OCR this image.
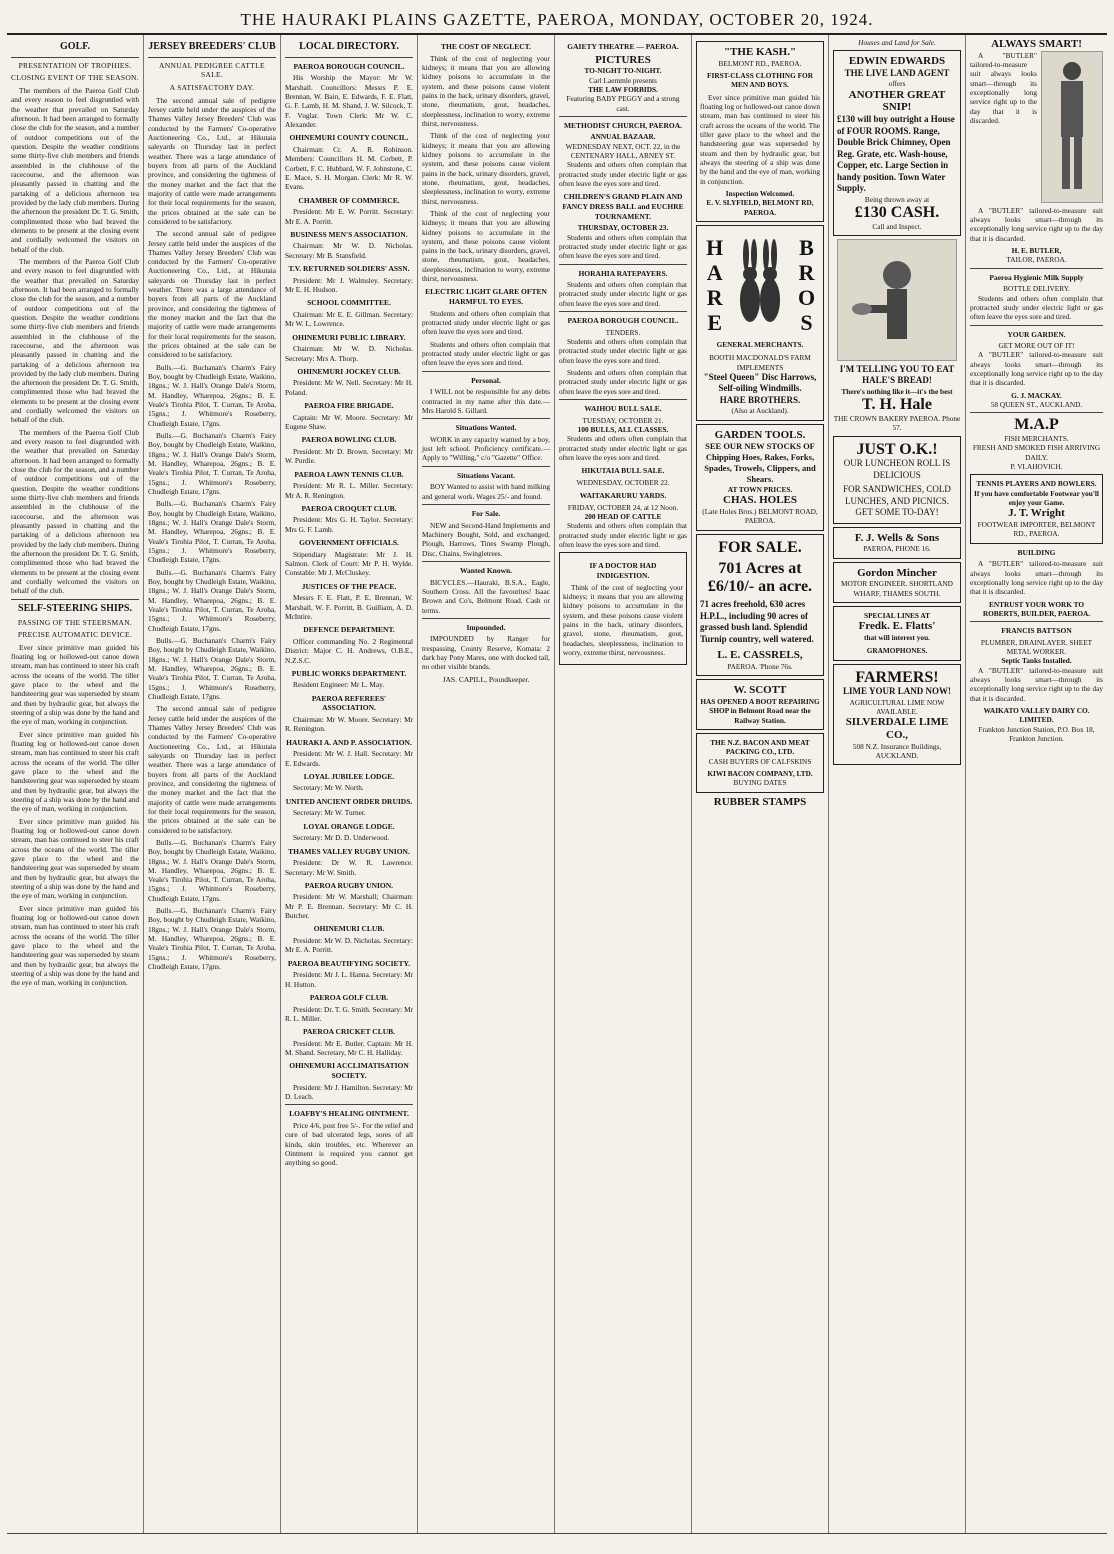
THE HAURAKI PLAINS GAZETTE, PAEROA, MONDAY, OCTOBER 20, 1924.
GOLF.
PRESENTATION OF TROPHIES.
CLOSING EVENT OF THE SEASON.

The members of the Paeroa Golf Club and every reason to feel disgruntled with the weather that prevailed on Saturday afternoon. It had been arranged to formally close the club for the season, and a number of outdoor competitions out of the question. Despite the weather conditions some thirty-five club members and friends assembled in the clubhouse of the racecourse, and the afternoon was pleasantly passed in chatting and the partaking of a delicious afternoon tea provided by the lady club members. During the afternoon the president Dr. T. G. Smith, complimented those who had braved the elements to be present at the closing event and cordially welcomed the visitors on behalf of the club.

The members of the Paeroa Golf Club and every reason to feel disgruntled with the weather that prevailed on Saturday afternoon. It had been arranged to formally close the club for the season, and a number of outdoor competitions out of the question. Despite the weather conditions some thirty-five club members and friends assembled in the clubhouse of the racecourse, and the afternoon was pleasantly passed in chatting and the partaking of a delicious afternoon tea provided by the lady club members. During the afternoon the president Dr. T. G. Smith, complimented those who had braved the elements to be present at the closing event and cordially welcomed the visitors on behalf of the club.

The members of the Paeroa Golf Club and every reason to feel disgruntled with the weather that prevailed on Saturday afternoon. It had been arranged to formally close the club for the season, and a number of outdoor competitions out of the question. Despite the weather conditions some thirty-five club members and friends assembled in the clubhouse of the racecourse, and the afternoon was pleasantly passed in chatting and the partaking of a delicious afternoon tea provided by the lady club members. During the afternoon the president Dr. T. G. Smith, complimented those who had braved the elements to be present at the closing event and cordially welcomed the visitors on behalf of the club.

SELF-STEERING SHIPS.
PASSING OF THE STEERSMAN.
PRECISE AUTOMATIC DEVICE.

Ever since primitive man guided his floating log or hollowed-out canoe down stream, man has continued to steer his craft across the oceans of the world. The tiller gave place to the wheel and the handsteering gear was superseded by steam and then by hydraulic gear, but always the steering of a ship was done by the hand and the eye of man, working in conjunction.

Ever since primitive man guided his floating log or hollowed-out canoe down stream, man has continued to steer his craft across the oceans of the world. The tiller gave place to the wheel and the handsteering gear was superseded by steam and then by hydraulic gear, but always the steering of a ship was done by the hand and the eye of man, working in conjunction.

Ever since primitive man guided his floating log or hollowed-out canoe down stream, man has continued to steer his craft across the oceans of the world. The tiller gave place to the wheel and the handsteering gear was superseded by steam and then by hydraulic gear, but always the steering of a ship was done by the hand and the eye of man, working in conjunction.

Ever since primitive man guided his floating log or hollowed-out canoe down stream, man has continued to steer his craft across the oceans of the world. The tiller gave place to the wheel and the handsteering gear was superseded by steam and then by hydraulic gear, but always the steering of a ship was done by the hand and the eye of man, working in conjunction.

JERSEY BREEDERS' CLUB
ANNUAL PEDIGREE CATTLE SALE.
A SATISFACTORY DAY.

The second annual sale of pedigree Jersey cattle held under the auspices of the Thames Valley Jersey Breeders' Club was conducted by the Farmers' Co-operative Auctioneering Co., Ltd., at Hikutaia saleyards on Thursday last in perfect weather. There was a large attendance of buyers from all parts of the Auckland province, and considering the tightness of the money market and the fact that the majority of cattle were made arrangements for their local requirements for the season, the prices obtained at the sale can be considered to be satisfactory.

The second annual sale of pedigree Jersey cattle held under the auspices of the Thames Valley Jersey Breeders' Club was conducted by the Farmers' Co-operative Auctioneering Co., Ltd., at Hikutaia saleyards on Thursday last in perfect weather. There was a large attendance of buyers from all parts of the Auckland province, and considering the tightness of the money market and the fact that the majority of cattle were made arrangements for their local requirements for the season, the prices obtained at the sale can be considered to be satisfactory.

Bulls.—G. Buchanan's Charm's Fairy Boy, bought by Chudleigh Estate, Waikino, 18gns.; W. J. Hall's Orange Dale's Storm, M. Handley, Wharepoa, 26gns.; B. E. Veale's Tirohia Pilot, T. Curran, Te Aroha, 15gns.; J. Whitmore's Roseberry, Chudleigh Estate, 17gns.

Bulls.—G. Buchanan's Charm's Fairy Boy, bought by Chudleigh Estate, Waikino, 18gns.; W. J. Hall's Orange Dale's Storm, M. Handley, Wharepoa, 26gns.; B. E. Veale's Tirohia Pilot, T. Curran, Te Aroha, 15gns.; J. Whitmore's Roseberry, Chudleigh Estate, 17gns.

Bulls.—G. Buchanan's Charm's Fairy Boy, bought by Chudleigh Estate, Waikino, 18gns.; W. J. Hall's Orange Dale's Storm, M. Handley, Wharepoa, 26gns.; B. E. Veale's Tirohia Pilot, T. Curran, Te Aroha, 15gns.; J. Whitmore's Roseberry, Chudleigh Estate, 17gns.

Bulls.—G. Buchanan's Charm's Fairy Boy, bought by Chudleigh Estate, Waikino, 18gns.; W. J. Hall's Orange Dale's Storm, M. Handley, Wharepoa, 26gns.; B. E. Veale's Tirohia Pilot, T. Curran, Te Aroha, 15gns.; J. Whitmore's Roseberry, Chudleigh Estate, 17gns.

Bulls.—G. Buchanan's Charm's Fairy Boy, bought by Chudleigh Estate, Waikino, 18gns.; W. J. Hall's Orange Dale's Storm, M. Handley, Wharepoa, 26gns.; B. E. Veale's Tirohia Pilot, T. Curran, Te Aroha, 15gns.; J. Whitmore's Roseberry, Chudleigh Estate, 17gns.

The second annual sale of pedigree Jersey cattle held under the auspices of the Thames Valley Jersey Breeders' Club was conducted by the Farmers' Co-operative Auctioneering Co., Ltd., at Hikutaia saleyards on Thursday last in perfect weather. There was a large attendance of buyers from all parts of the Auckland province, and considering the tightness of the money market and the fact that the majority of cattle were made arrangements for their local requirements for the season, the prices obtained at the sale can be considered to be satisfactory.

Bulls.—G. Buchanan's Charm's Fairy Boy, bought by Chudleigh Estate, Waikino, 18gns.; W. J. Hall's Orange Dale's Storm, M. Handley, Wharepoa, 26gns.; B. E. Veale's Tirohia Pilot, T. Curran, Te Aroha, 15gns.; J. Whitmore's Roseberry, Chudleigh Estate, 17gns.

Bulls.—G. Buchanan's Charm's Fairy Boy, bought by Chudleigh Estate, Waikino, 18gns.; W. J. Hall's Orange Dale's Storm, M. Handley, Wharepoa, 26gns.; B. E. Veale's Tirohia Pilot, T. Curran, Te Aroha, 15gns.; J. Whitmore's Roseberry, Chudleigh Estate, 17gns.

LOCAL DIRECTORY.
PAEROA BOROUGH COUNCIL.

His Worship the Mayor: Mr W. Marshall. Councillors: Messrs P. E. Brennan, W. Bain, E. Edwards, F. E. Flatt, G. F. Lamb, H. M. Shand, J. W. Silcock, T. F. Vuglar. Town Clerk: Mr W. C. Alexander.

OHINEMURI COUNTY COUNCIL.

Chairman: Cr. A. R. Robinson. Members: Councillors H. M. Corbett, P. Corbett, F. C. Hubbard, W. F. Johnstone, C. E. Mace, S. H. Morgan. Clerk: Mr R. W. Evans.

CHAMBER OF COMMERCE.

President: Mr E. W. Porritt. Secretary: Mr E. A. Porritt.

BUSINESS MEN'S ASSOCIATION.

Chairman: Mr W. D. Nicholas. Secretary: Mr B. Stansfield.

T.V. RETURNED SOLDIERS' ASSN.

President: Mr J. Walmsley. Secretary: Mr E. H. Hudson.

SCHOOL COMMITTEE.

Chairman: Mr E. E. Gillman. Secretary: Mr W. L. Lowrence.

OHINEMURI PUBLIC LIBRARY.

Chairman: Mr W. D. Nicholas. Secretary: Mrs A. Thorp.

OHINEMURI JOCKEY CLUB.

President: Mr W. Nell. Secretary: Mr H. Poland.

PAEROA FIRE BRIGADE.

Captain: Mr W. Moore. Secretary: Mr Eugene Shaw.

PAEROA BOWLING CLUB.

President: Mr D. Brown. Secretary: Mr W. Purdie.

PAEROA LAWN TENNIS CLUB.

President: Mr R. L. Miller. Secretary: Mr A. R. Renington.

PAEROA CROQUET CLUB.

President: Mrs G. H. Taylor. Secretary: Mrs G. F. Lamb.

GOVERNMENT OFFICIALS.

Stipendiary Magistrate: Mr J. H. Salmon. Clerk of Court: Mr P. H. Wylde. Constable: Mr J. McCluskey.

JUSTICES OF THE PEACE.

Messrs F. E. Flatt, P. E. Brennan, W. Marshall, W. F. Porritt, B. Guilliam, A. D. McIntire.

DEFENCE DEPARTMENT.

Officer commanding No. 2 Regimental District: Major C. H. Andrews, O.B.E., N.Z.S.C.

PUBLIC WORKS DEPARTMENT.

Resident Engineer: Mr L. May.

PAEROA REFEREES' ASSOCIATION.

Chairman: Mr W. Moore. Secretary: Mr R. Renington.

HAURAKI A. AND P. ASSOCIATION.

President: Mr W. J. Hall. Secretary: Mr E. Edwards.

LOYAL JUBILEE LODGE.

Secretary: Mr W. North.

UNITED ANCIENT ORDER DRUIDS.

Secretary: Mr W. Turner.

LOYAL ORANGE LODGE.

Secretary: Mr D. D. Underwood.

THAMES VALLEY RUGBY UNION.

President: Dr W. R. Lawrence. Secretary: Mr W. Smith.

PAEROA RUGBY UNION.

President: Mr W. Marshall; Chairman: Mr P. E. Brennan. Secretary: Mr C. H. Butcher.

OHINEMURI CLUB.

President: Mr W. D. Nicholas. Secretary: Mr E. A. Porritt.

PAEROA BEAUTIFYING SOCIETY.

President: Mr J. L. Hanna. Secretary: Mr H. Hutton.

PAEROA GOLF CLUB.

President: Dr. T. G. Smith. Secretary: Mr R. L. Miller.

PAEROA CRICKET CLUB.

President: Mr E. Butler. Captain: Mr H. M. Shand. Secretary, Mr C. H. Halliday.

OHINEMURI ACCLIMATISATION SOCIETY.

President: Mr J. Hamilton. Secretary: Mr D. Leach.

LOAFBY'S HEALING OINTMENT.

Price 4/6, post free 5/-. For the relief and cure of bad ulcerated legs, sores of all kinds, skin troubles, etc. Wherever an Ointment is required you cannot get anything so good.

THE COST OF NEGLECT.

Think of the cost of neglecting your kidneys; it means that you are allowing kidney poisons to accumulate in the system, and these poisons cause violent pains in the back, urinary disorders, gravel, stone, rheumatism, gout, headaches, sleeplessness, inclination to worry, extreme thirst, nervousness.

Think of the cost of neglecting your kidneys; it means that you are allowing kidney poisons to accumulate in the system, and these poisons cause violent pains in the back, urinary disorders, gravel, stone, rheumatism, gout, headaches, sleeplessness, inclination to worry, extreme thirst, nervousness.

Think of the cost of neglecting your kidneys; it means that you are allowing kidney poisons to accumulate in the system, and these poisons cause violent pains in the back, urinary disorders, gravel, stone, rheumatism, gout, headaches, sleeplessness, inclination to worry, extreme thirst, nervousness.

ELECTRIC LIGHT GLARE OFTEN HARMFUL TO EYES.

Students and others often complain that protracted study under electric light or gas often leave the eyes sore and tired.

Students and others often complain that protracted study under electric light or gas often leave the eyes sore and tired.

Personal.

I WILL not be responsible for any debts contracted in my name after this date.—Mrs Harold S. Gillard.

Situations Wanted.

WORK in any capacity wanted by a boy, just left school. Proficiency certificate.—Apply to "Willing," c/o "Gazette" Office.

Situations Vacant.

BOY Wanted to assist with hand milking and general work. Wages 25/- and found.

For Sale.

NEW and Second-Hand Implements and Machinery Bought, Sold, and exchanged, Plough, Harrows, Tines Swamp Plough, Disc, Chains, Swingletrees.

Wanted Known.

BICYCLES.—Hauraki, B.S.A., Eagle, Southern Cross. All the favourites! Isaac Brown and Co's, Belmont Road. Cash or terms.

Impounded.

IMPOUNDED by Ranger for trespassing, County Reserve, Komata: 2 dark bay Pony Mares, one with docked tail, no other visible brands.

JAS. CAPILL, Poundkeeper.
GAIETY THEATRE — PAEROA.
PICTURES
TO-NIGHT TO-NIGHT.
Carl Laemmle presents
THE LAW FORBIDS.
Featuring BABY PEGGY and a strong cast.
METHODIST CHURCH, PAEROA.
ANNUAL BAZAAR.
WEDNESDAY NEXT, OCT. 22, in the CENTENARY HALL, ARNEY ST.

Students and others often complain that protracted study under electric light or gas often leave the eyes sore and tired.

CHILDREN'S GRAND PLAIN AND FANCY DRESS BALL and EUCHRE TOURNAMENT.
THURSDAY, OCTOBER 23.

Students and others often complain that protracted study under electric light or gas often leave the eyes sore and tired.

HORAHIA RATEPAYERS.

Students and others often complain that protracted study under electric light or gas often leave the eyes sore and tired.

PAEROA BOROUGH COUNCIL.
TENDERS.

Students and others often complain that protracted study under electric light or gas often leave the eyes sore and tired.

Students and others often complain that protracted study under electric light or gas often leave the eyes sore and tired.

WAIHOU BULL SALE.
TUESDAY, OCTOBER 21.
100 BULLS, ALL CLASSES.

Students and others often complain that protracted study under electric light or gas often leave the eyes sore and tired.

HIKUTAIA BULL SALE.
WEDNESDAY, OCTOBER 22.
WAITAKARURU YARDS.
FRIDAY, OCTOBER 24, at 12 Noon.
200 HEAD OF CATTLE

Students and others often complain that protracted study under electric light or gas often leave the eyes sore and tired.

IF A DOCTOR HAD INDIGESTION.

Think of the cost of neglecting your kidneys; it means that you are allowing kidney poisons to accumulate in the system, and these poisons cause violent pains in the back, urinary disorders, gravel, stone, rheumatism, gout, headaches, sleeplessness, inclination to worry, extreme thirst, nervousness.

"THE KASH."
BELMONT RD., PAEROA.
FIRST-CLASS CLOTHING FOR MEN AND BOYS.

Ever since primitive man guided his floating log or hollowed-out canoe down stream, man has continued to steer his craft across the oceans of the world. The tiller gave place to the wheel and the handsteering gear was superseded by steam and then by hydraulic gear, but always the steering of a ship was done by the hand and the eye of man, working in conjunction.

Inspection Welcomed.
E. V. SLYFIELD, BELMONT RD, PAEROA.
HARE	BROS
GENERAL MERCHANTS.
BOOTH MACDONALD'S FARM IMPLEMENTS
"Steel Queen" Disc Harrows, Self-oiling Windmills.
HARE BROTHERS.
(Also at Auckland).
GARDEN TOOLS.
SEE OUR NEW STOCKS OF Chipping Hoes, Rakes, Forks, Spades, Trowels, Clippers, and Shears.
AT TOWN PRICES.
CHAS. HOLES
(Late Holes Bros.) BELMONT ROAD, PAEROA.
FOR SALE.
701 Acres at £6/10/- an acre.
71 acres freehold, 630 acres H.P.L., including 90 acres of grassed bush land. Splendid Turnip country, well watered.
L. E. CASSRELS,
PAEROA. 'Phone 76s.
W. SCOTT
HAS OPENED A BOOT REPAIRING SHOP in Belmont Road near the Railway Station.
THE N.Z. BACON AND MEAT PACKING CO., LTD.
CASH BUYERS OF CALFSKINS
KIWI BACON COMPANY, LTD.
BUYING DATES
RUBBER STAMPS
Houses and Land for Sale.
EDWIN EDWARDS
THE LIVE LAND AGENT
offers
ANOTHER GREAT SNIP!
£130 will buy outright a House of FOUR ROOMS. Range, Double Brick Chimney, Open Reg. Grate, etc. Wash-house, Copper, etc. Large Section in handy position. Town Water Supply.
Being thrown away at
£130 CASH.
Call and Inspect.
I'M TELLING YOU TO EAT HALE'S BREAD!
There's nothing like it—it's the best
T. H. Hale
THE CROWN BAKERY PAEROA. Phone 57.
JUST O.K.!
OUR LUNCHEON ROLL IS DELICIOUS
FOR SANDWICHES, COLD LUNCHES, AND PICNICS. GET SOME TO-DAY!
F. J. Wells & Sons
PAEROA, PHONE 16.
Gordon Mincher
MOTOR ENGINEER. SHORTLAND WHARF, THAMES SOUTH.
SPECIAL LINES AT
Fredk. E. Flatts'
that will interest you.
GRAMOPHONES.
FARMERS!
LIME YOUR LAND NOW!
AGRICULTURAL LIME NOW AVAILABLE.
SILVERDALE LIME CO.,
508 N.Z. Insurance Buildings, AUCKLAND.
ALWAYS SMART!

A "BUTLER" tailored-to-measure suit always looks smart—through its exceptionally long service right up to the day that it is discarded.

A "BUTLER" tailored-to-measure suit always looks smart—through its exceptionally long service right up to the day that it is discarded.

H. E. BUTLER,
TAILOR, PAEROA.
Paeroa Hygienic Milk Supply
BOTTLE DELIVERY.

Students and others often complain that protracted study under electric light or gas often leave the eyes sore and tired.

YOUR GARDEN.
GET MORE OUT OF IT!

A "BUTLER" tailored-to-measure suit always looks smart—through its exceptionally long service right up to the day that it is discarded.

G. J. MACKAY.
58 QUEEN ST., AUCKLAND.
M.A.P
FISH MERCHANTS.
FRESH AND SMOKED FISH ARRIVING DAILY.
P. VLAHOVICH.
TENNIS PLAYERS AND BOWLERS.
If you have comfortable Footwear you'll enjoy your Game.
J. T. Wright
FOOTWEAR IMPORTER, BELMONT RD., PAEROA.
BUILDING

A "BUTLER" tailored-to-measure suit always looks smart—through its exceptionally long service right up to the day that it is discarded.

ENTRUST YOUR WORK TO ROBERTS, BUILDER, PAEROA.
FRANCIS BATTSON
PLUMBER, DRAINLAYER. SHEET METAL WORKER.
Septic Tanks Installed.

A "BUTLER" tailored-to-measure suit always looks smart—through its exceptionally long service right up to the day that it is discarded.

WAIKATO VALLEY DAIRY CO. LIMITED.
Frankton Junction Station, P.O. Box 18, Frankton Junction.
